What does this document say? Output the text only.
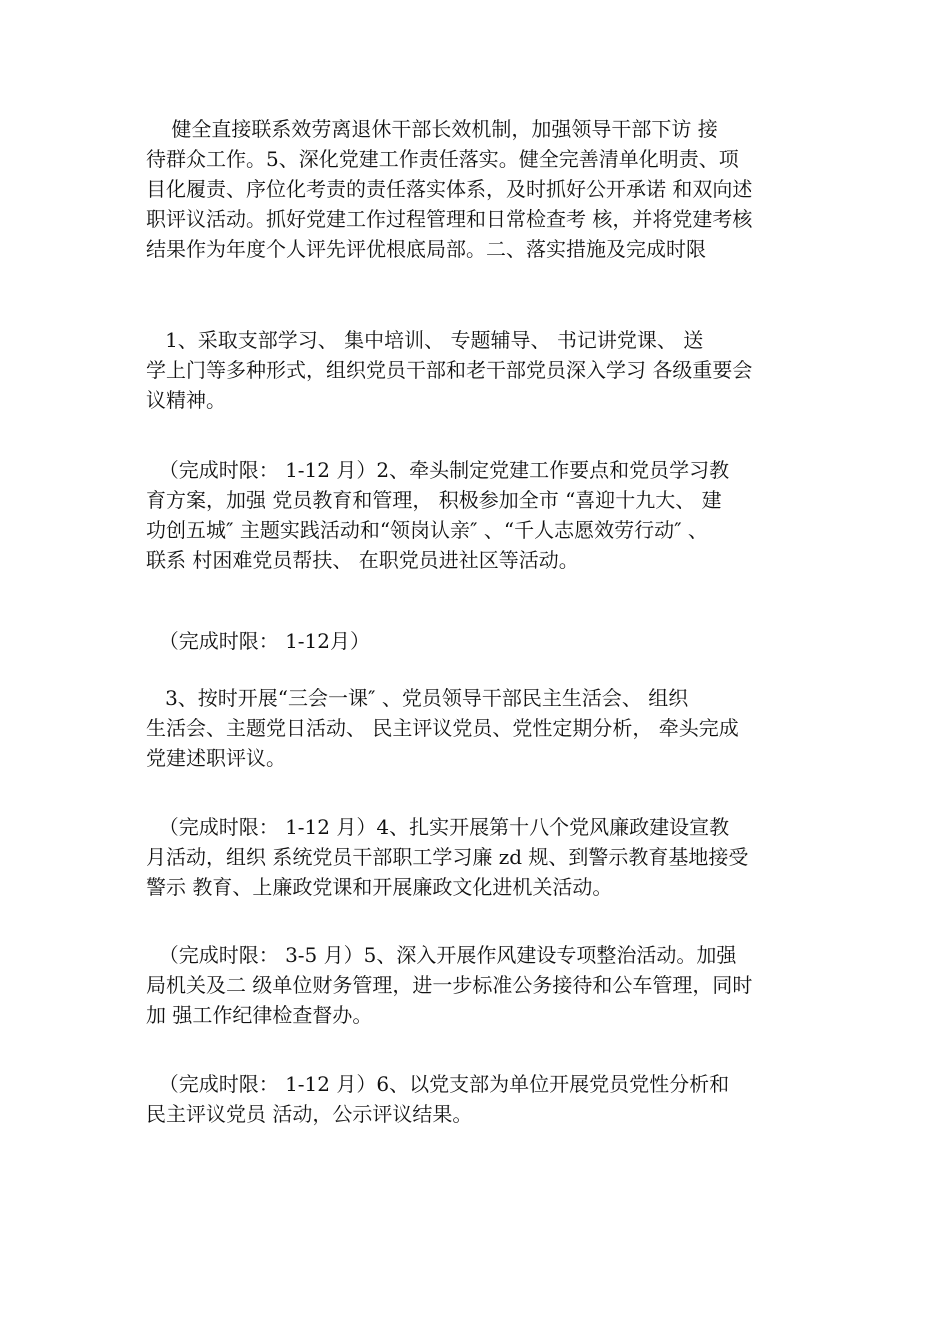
健全直接联系效劳离退休干部长效机制，加强领导干部下访 接
待群众工作。5、深化党建工作责任落实。健全完善清单化明责、项
目化履责、序位化考责的责任落实体系，及时抓好公开承诺 和双向述
职评议活动。抓好党建工作过程管理和日常检查考 核，并将党建考核
结果作为年度个人评先评优根底局部。二、落实措施及完成时限
1、采取支部学习、 集中培训、 专题辅导、 书记讲党课、 送
学上门等多种形式，组织党员干部和老干部党员深入学习 各级重要会
议精神。
（完成时限： 1-12 月）2、牵头制定党建工作要点和党员学习教
育方案，加强 党员教育和管理， 积极参加全市 “喜迎十九大、 建
功创五城″ 主题实践活动和“领岗认亲″ 、“千人志愿效劳行动″ 、
联系 村困难党员帮扶、 在职党员进社区等活动。
（完成时限： 1-12月）
3、按时开展“三会一课″ 、党员领导干部民主生活会、 组织
生活会、主题党日活动、 民主评议党员、党性定期分析， 牵头完成
党建述职评议。
（完成时限： 1-12 月）4、扎实开展第十八个党风廉政建设宣教
月活动，组织 系统党员干部职工学习廉 zd 规、到警示教育基地接受
警示 教育、上廉政党课和开展廉政文化进机关活动。
（完成时限： 3-5 月）5、深入开展作风建设专项整治活动。加强
局机关及二 级单位财务管理，进一步标准公务接待和公车管理，同时
加 强工作纪律检查督办。
（完成时限： 1-12 月）6、以党支部为单位开展党员党性分析和
民主评议党员 活动，公示评议结果。
